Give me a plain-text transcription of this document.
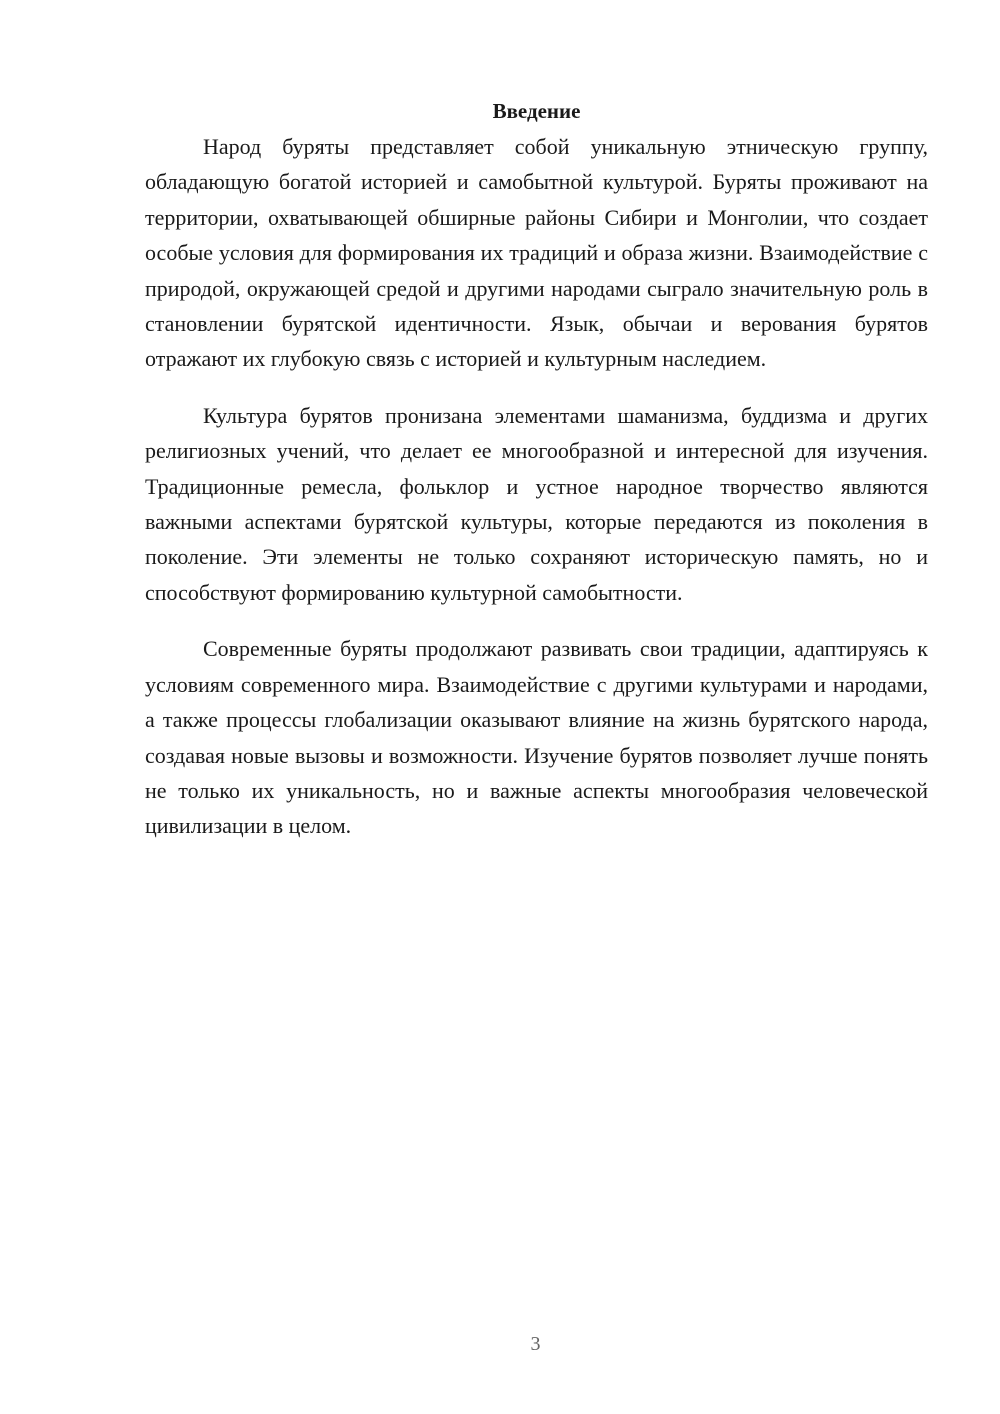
Введение

Народ буряты представляет собой уникальную этническую группу, обладающую богатой историей и самобытной культурой. Буряты проживают на территории, охватывающей обширные районы Сибири и Монголии, что создает особые условия для формирования их традиций и образа жизни. Взаимодействие с природой, окружающей средой и другими народами сыграло значительную роль в становлении бурятской идентичности. Язык, обычаи и верования бурятов отражают их глубокую связь с историей и культурным наследием.

Культура бурятов пронизана элементами шаманизма, буддизма и других религиозных учений, что делает ее многообразной и интересной для изучения. Традиционные ремесла, фольклор и устное народное творчество являются важными аспектами бурятской культуры, которые передаются из поколения в поколение. Эти элементы не только сохраняют историческую память, но и способствуют формированию культурной самобытности.

Современные буряты продолжают развивать свои традиции, адаптируясь к условиям современного мира. Взаимодействие с другими культурами и народами, а также процессы глобализации оказывают влияние на жизнь бурятского народа, создавая новые вызовы и возможности. Изучение бурятов позволяет лучше понять не только их уникальность, но и важные аспекты многообразия человеческой цивилизации в целом.

3
